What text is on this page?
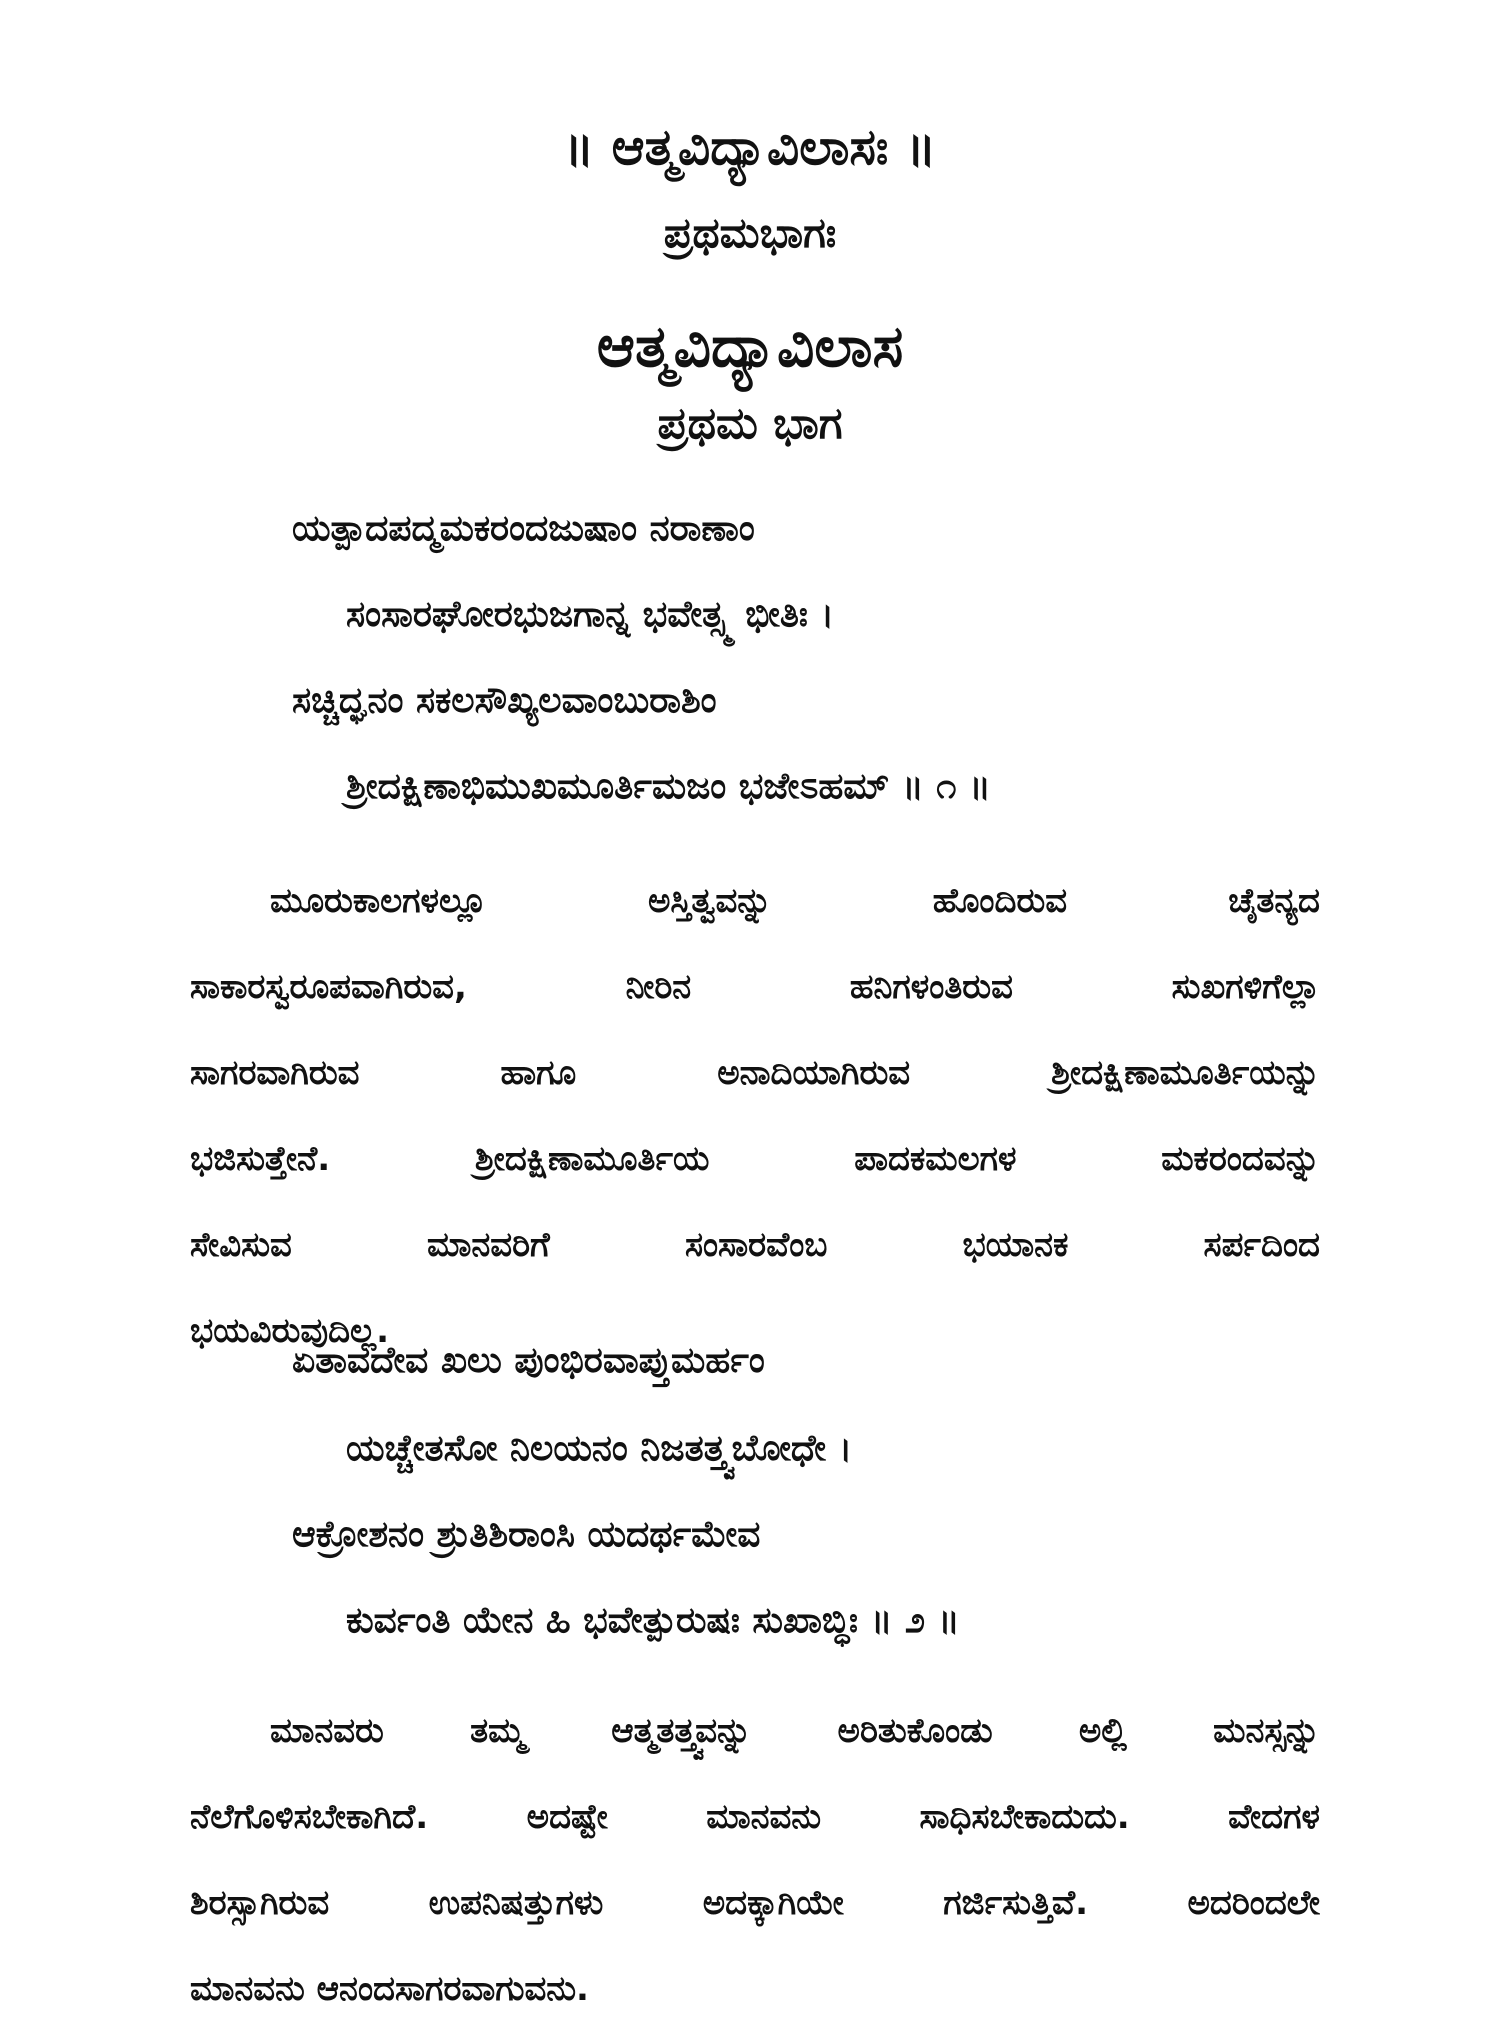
॥ ಆತ್ಮವಿದ್ಯಾವಿಲಾಸಃ ॥
ಪ್ರಥಮಭಾಗಃ
ಆತ್ಮವಿದ್ಯಾವಿಲಾಸ
ಪ್ರಥಮ ಭಾಗ
ಯತ್ಪಾದಪದ್ಮಮಕರಂದಜುಷಾಂ ನರಾಣಾಂ
ಸಂಸಾರಘೋರಭುಜಗಾನ್ನ ಭವೇತ್ಸ್ಮ ಭೀತಿಃ ।
ಸಚ್ಚಿದ್ಘನಂ ಸಕಲಸೌಖ್ಯಲವಾಂಬುರಾಶಿಂ
ಶ್ರೀದಕ್ಷಿಣಾಭಿಮುಖಮೂರ್ತಿಮಜಂ ಭಜೇಽಹಮ್ ॥ ೧ ॥
ಮೂರುಕಾಲಗಳಲ್ಲೂ ಅಸ್ತಿತ್ವವನ್ನು ಹೊಂದಿರುವ ಚೈತನ್ಯದ
ಸಾಕಾರಸ್ವರೂಪವಾಗಿರುವ, ನೀರಿನ ಹನಿಗಳಂತಿರುವ ಸುಖಗಳಿಗೆಲ್ಲಾ
ಸಾಗರವಾಗಿರುವ ಹಾಗೂ ಅನಾದಿಯಾಗಿರುವ ಶ್ರೀದಕ್ಷಿಣಾಮೂರ್ತಿಯನ್ನು
ಭಜಿಸುತ್ತೇನೆ. ಶ್ರೀದಕ್ಷಿಣಾಮೂರ್ತಿಯ ಪಾದಕಮಲಗಳ ಮಕರಂದವನ್ನು
ಸೇವಿಸುವ ಮಾನವರಿಗೆ ಸಂಸಾರವೆಂಬ ಭಯಾನಕ ಸರ್ಪದಿಂದ
ಭಯವಿರುವುದಿಲ್ಲ.
ಏತಾವದೇವ ಖಲು ಪುಂಭಿರವಾಪ್ತುಮರ್ಹಂ
ಯಚ್ಚೇತಸೋ ನಿಲಯನಂ ನಿಜತತ್ತ್ವಬೋಧೇ ।
ಆಕ್ರೋಶನಂ ಶ್ರುತಿಶಿರಾಂಸಿ ಯದರ್ಥಮೇವ
ಕುರ್ವಂತಿ ಯೇನ ಹಿ ಭವೇತ್ಪುರುಷಃ ಸುಖಾಬ್ಧಿಃ ॥ ೨ ॥
ಮಾನವರು ತಮ್ಮ ಆತ್ಮತತ್ತ್ವವನ್ನು ಅರಿತುಕೊಂಡು ಅಲ್ಲಿ ಮನಸ್ಸನ್ನು
ನೆಲೆಗೊಳಿಸಬೇಕಾಗಿದೆ. ಅದಷ್ಟೇ ಮಾನವನು ಸಾಧಿಸಬೇಕಾದುದು. ವೇದಗಳ
ಶಿರಸ್ಸಾಗಿರುವ ಉಪನಿಷತ್ತುಗಳು ಅದಕ್ಕಾಗಿಯೇ ಗರ್ಜಿಸುತ್ತಿವೆ. ಅದರಿಂದಲೇ
ಮಾನವನು ಆನಂದಸಾಗರವಾಗುವನು.
